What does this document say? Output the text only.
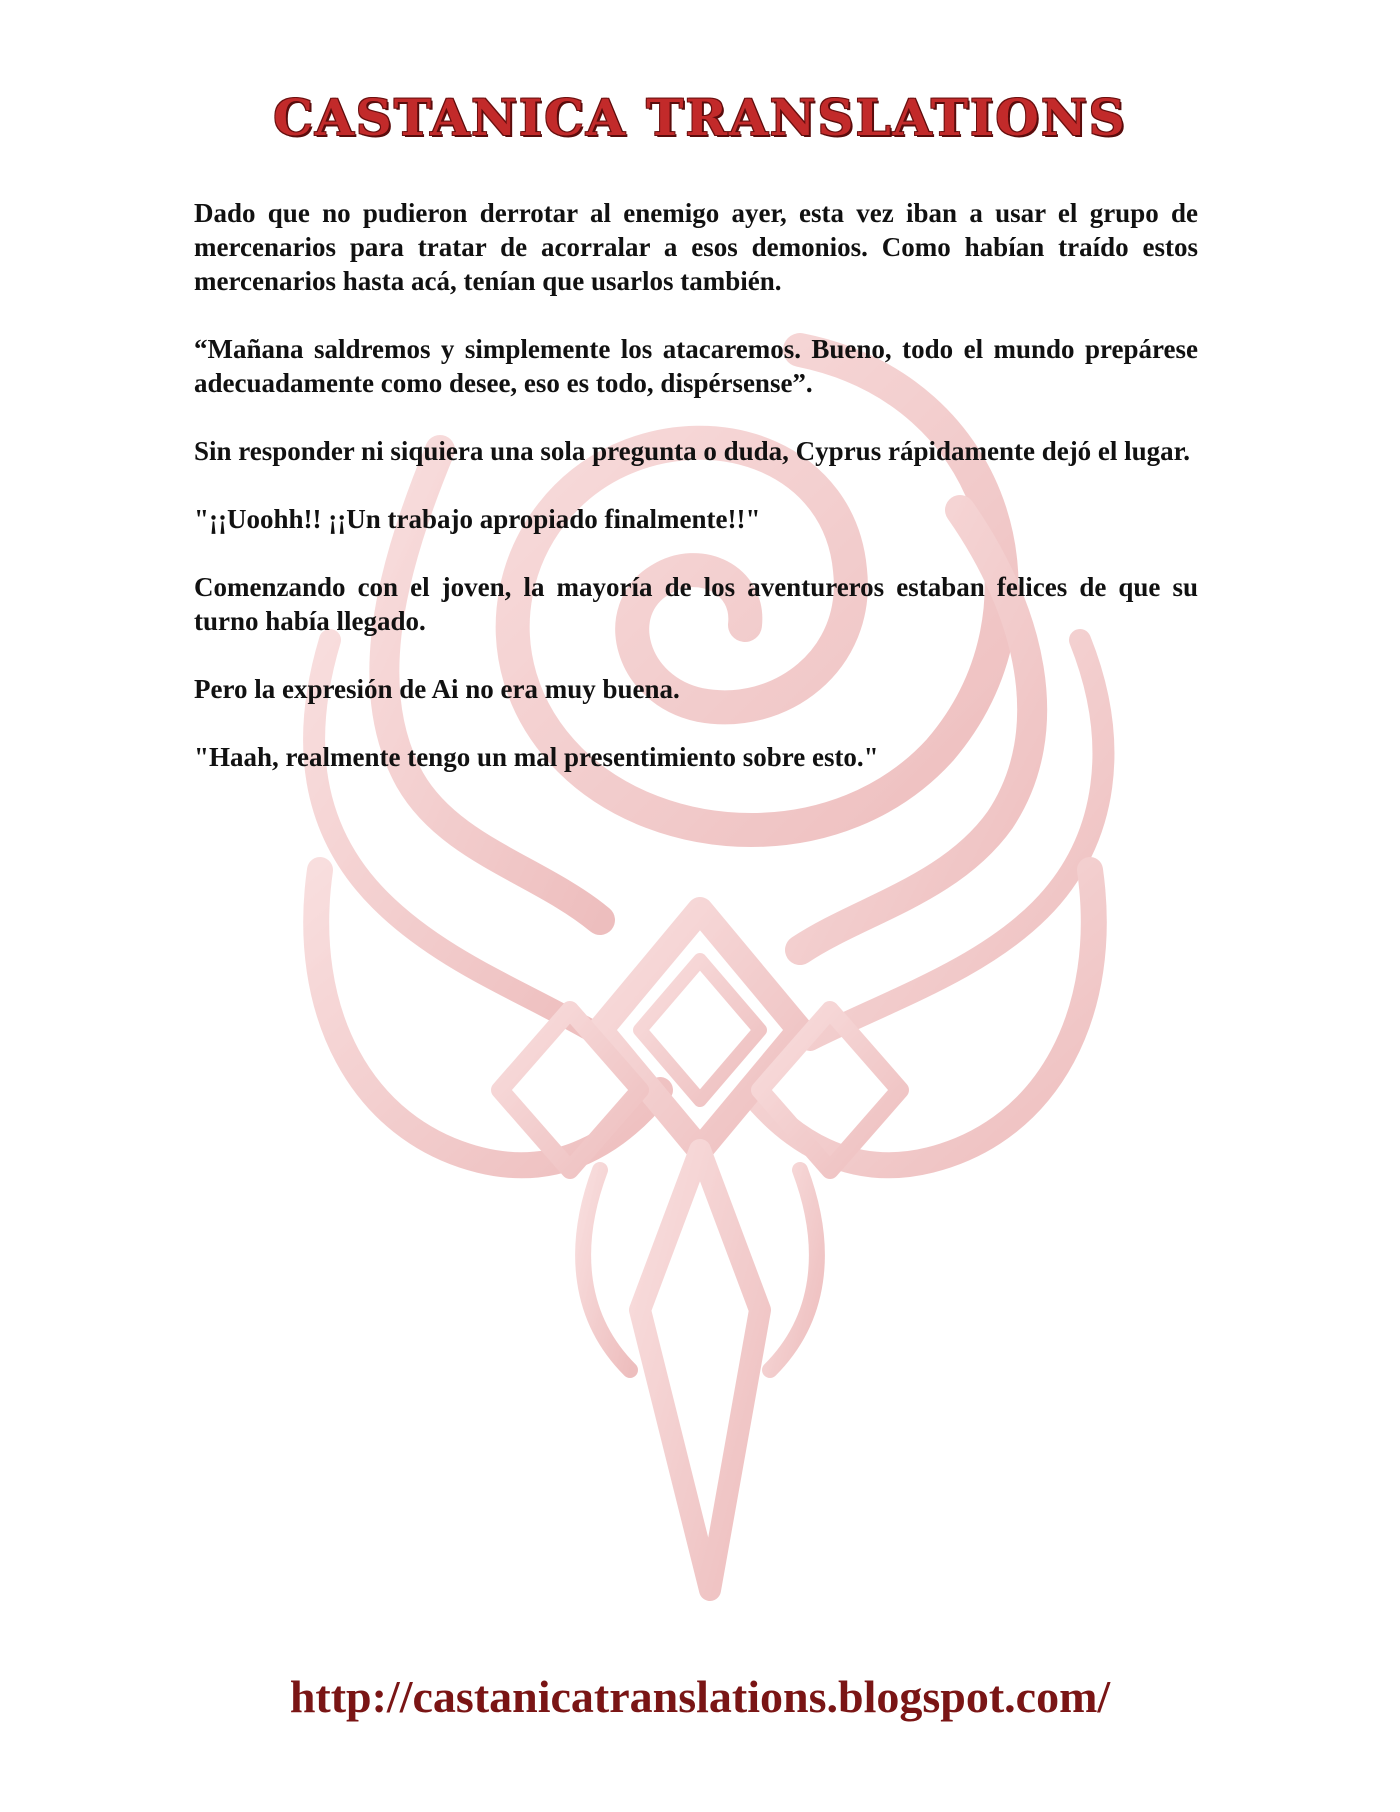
CASTANICA TRANSLATIONS

Dado que no pudieron derrotar al enemigo ayer, esta vez iban a usar el grupo de mercenarios para tratar de acorralar a esos demonios. Como habían traído estos mercenarios hasta acá, tenían que usarlos también.

“Mañana saldremos y simplemente los atacaremos. Bueno, todo el mundo prepárese adecuadamente como desee, eso es todo, dispérsense”.

Sin responder ni siquiera una sola pregunta o duda, Cyprus rápidamente dejó el lugar.

"¡¡Uoohh!! ¡¡Un trabajo apropiado finalmente!!"

Comenzando con el joven, la mayoría de los aventureros estaban felices de que su turno había llegado.

Pero la expresión de Ai no era muy buena.

"Haah, realmente tengo un mal presentimiento sobre esto."

http://castanicatranslations.blogspot.com/
